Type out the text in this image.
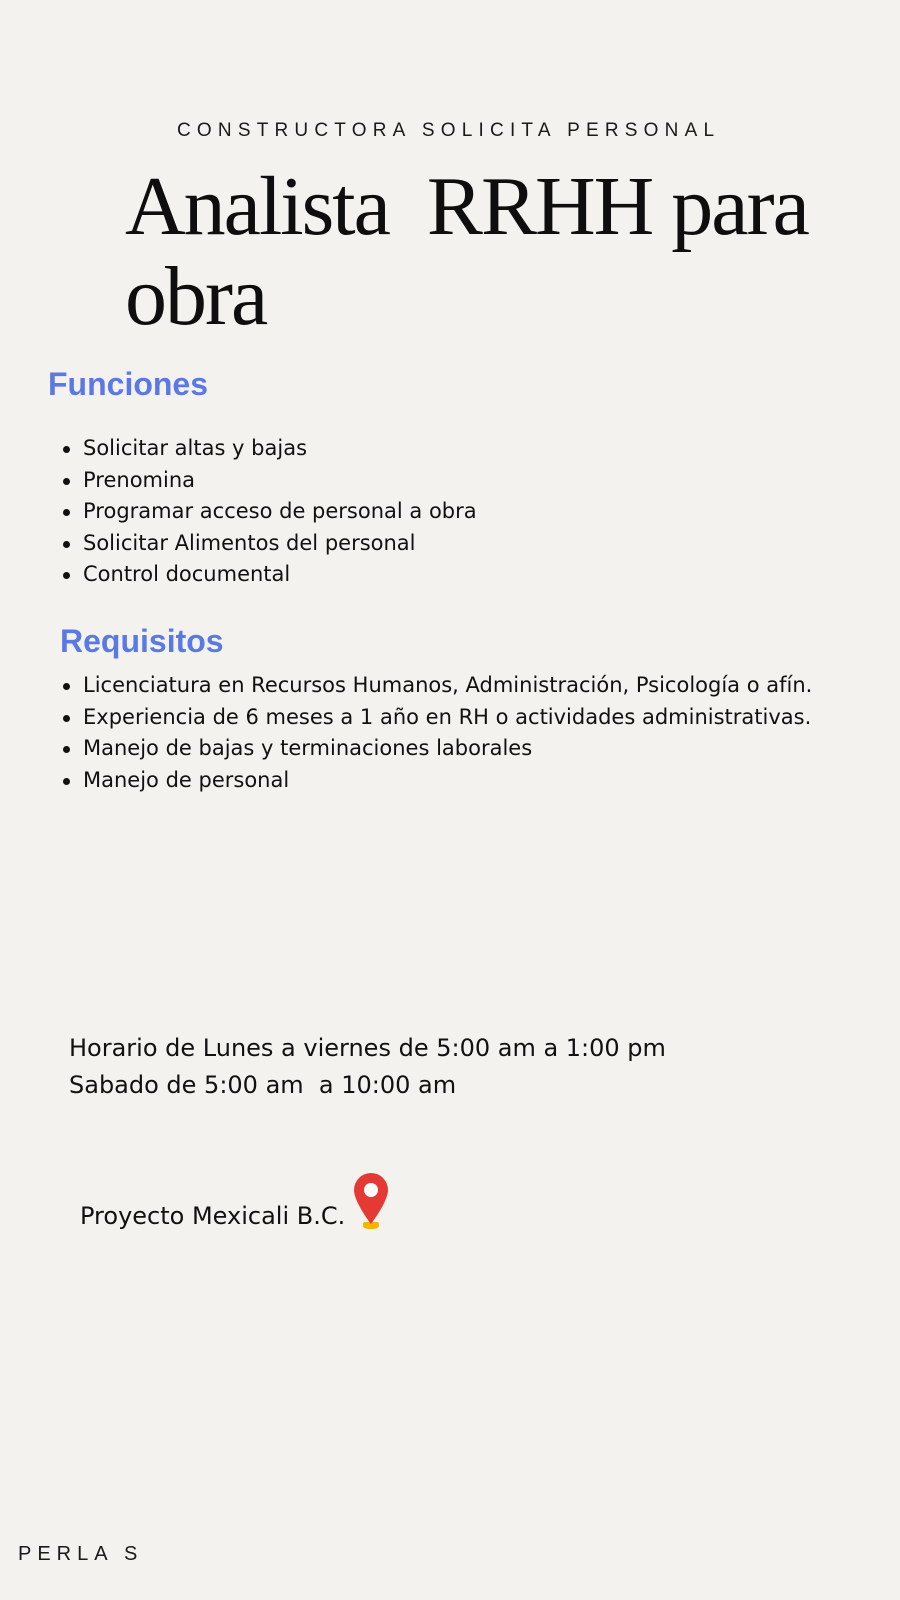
CONSTRUCTORA SOLICITA PERSONAL
Analista  RRHH para obra
Funciones
Solicitar altas y bajas
Prenomina
Programar acceso de personal a obra
Solicitar Alimentos del personal
Control documental
Requisitos
Licenciatura en Recursos Humanos, Administración, Psicología o afín.
Experiencia de 6 meses a 1 año en RH o actividades administrativas.
Manejo de bajas y terminaciones laborales
Manejo de personal
Horario de Lunes a viernes de 5:00 am a 1:00 pm
Sabado de 5:00 am  a 10:00 am
Proyecto Mexicali B.C.
PERLA S
